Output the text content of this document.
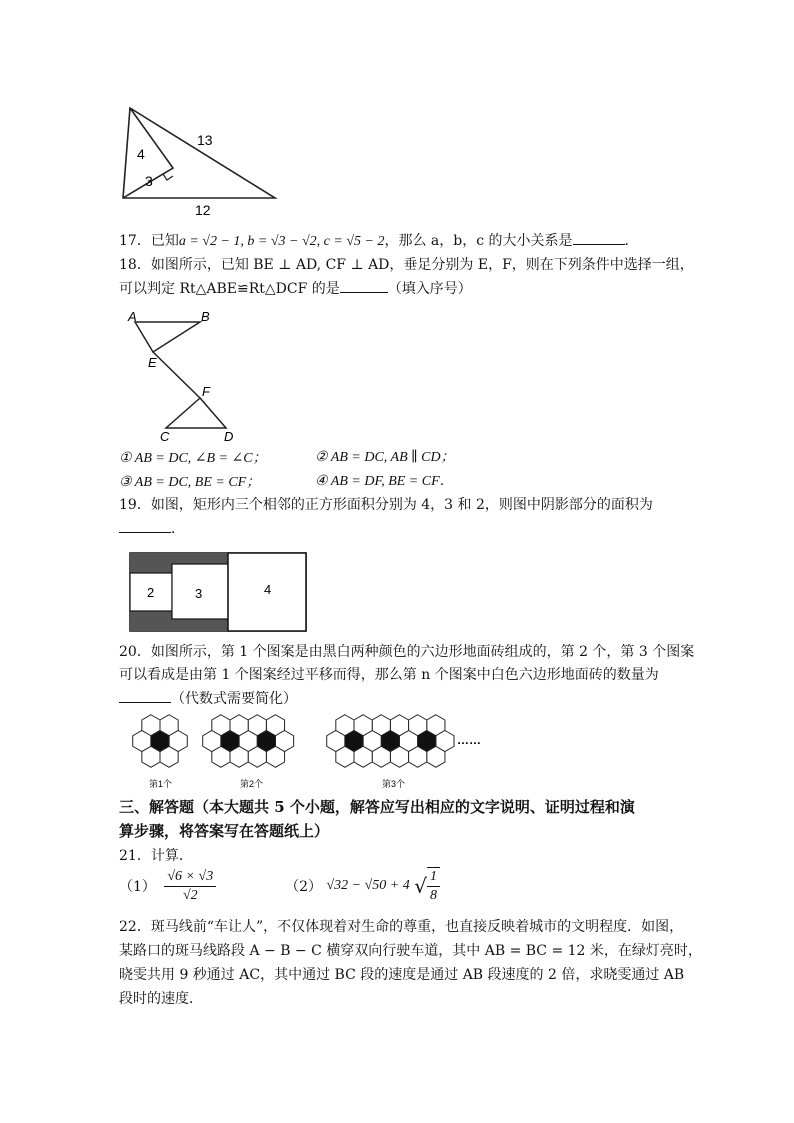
4
13
3
12
17．已知a = √2 − 1, b = √3 − √2, c = √5 − 2，那么 a，b，c 的大小关系是	．
18．如图所示，已知 BE ⊥ AD, CF ⊥ AD，垂足分别为 E，F，则在下列条件中选择一组，
可以判定 Rt△ABE≌Rt△DCF 的是	（填入序号）
A	B
E
F
C	D
① AB = DC, ∠B = ∠C；	② AB = DC, AB ∥ CD；
③ AB = DC, BE = CF；	④ AB = DF, BE = CF．
19．如图，矩形内三个相邻的正方形面积分别为 4，3 和 2，则图中阴影部分的面积为
．
2	3	4
20．如图所示，第 1 个图案是由黑白两种颜色的六边形地面砖组成的，第 2 个，第 3 个图案
可以看成是由第 1 个图案经过平移而得，那么第 n 个图案中白色六边形地面砖的数量为
（代数式需要简化）
第1个	第2个	第3个
……
三、解答题（本大题共 5 个小题，解答应写出相应的文字说明、证明过程和演
算步骤，将答案写在答题纸上）
21．计算．
$(1) \frac{√6 \times √3}{√2}$	（2） √32 − √50 + 4 √ $\frac{1}{8}$
22．斑马线前“车让人”，不仅体现着对生命的尊重，也直接反映着城市的文明程度．如图，
某路口的斑马线路段 A − B − C 横穿双向行驶车道，其中 AB = BC = 12 米，在绿灯亮时，
晓雯共用 9 秒通过 AC，其中通过 BC 段的速度是通过 AB 段速度的 2 倍，求晓雯通过 AB
段时的速度．
